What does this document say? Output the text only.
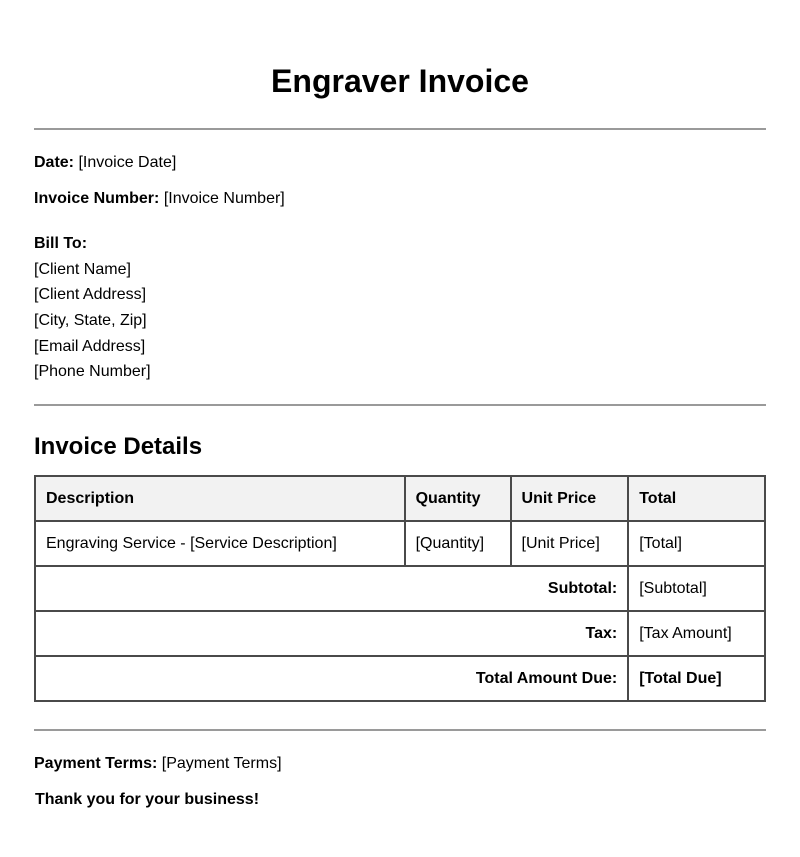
Engraver Invoice
Date: [Invoice Date]
Invoice Number: [Invoice Number]
Bill To:
[Client Name]
[Client Address]
[City, State, Zip]
[Email Address]
[Phone Number]
Invoice Details
Description	Quantity	Unit Price	Total
Engraving Service - [Service Description]	[Quantity]	[Unit Price]	[Total]
Subtotal:			[Subtotal]
Tax:			[Tax Amount]
Total Amount Due:			[Total Due]
Payment Terms: [Payment Terms]
Thank you for your business!
